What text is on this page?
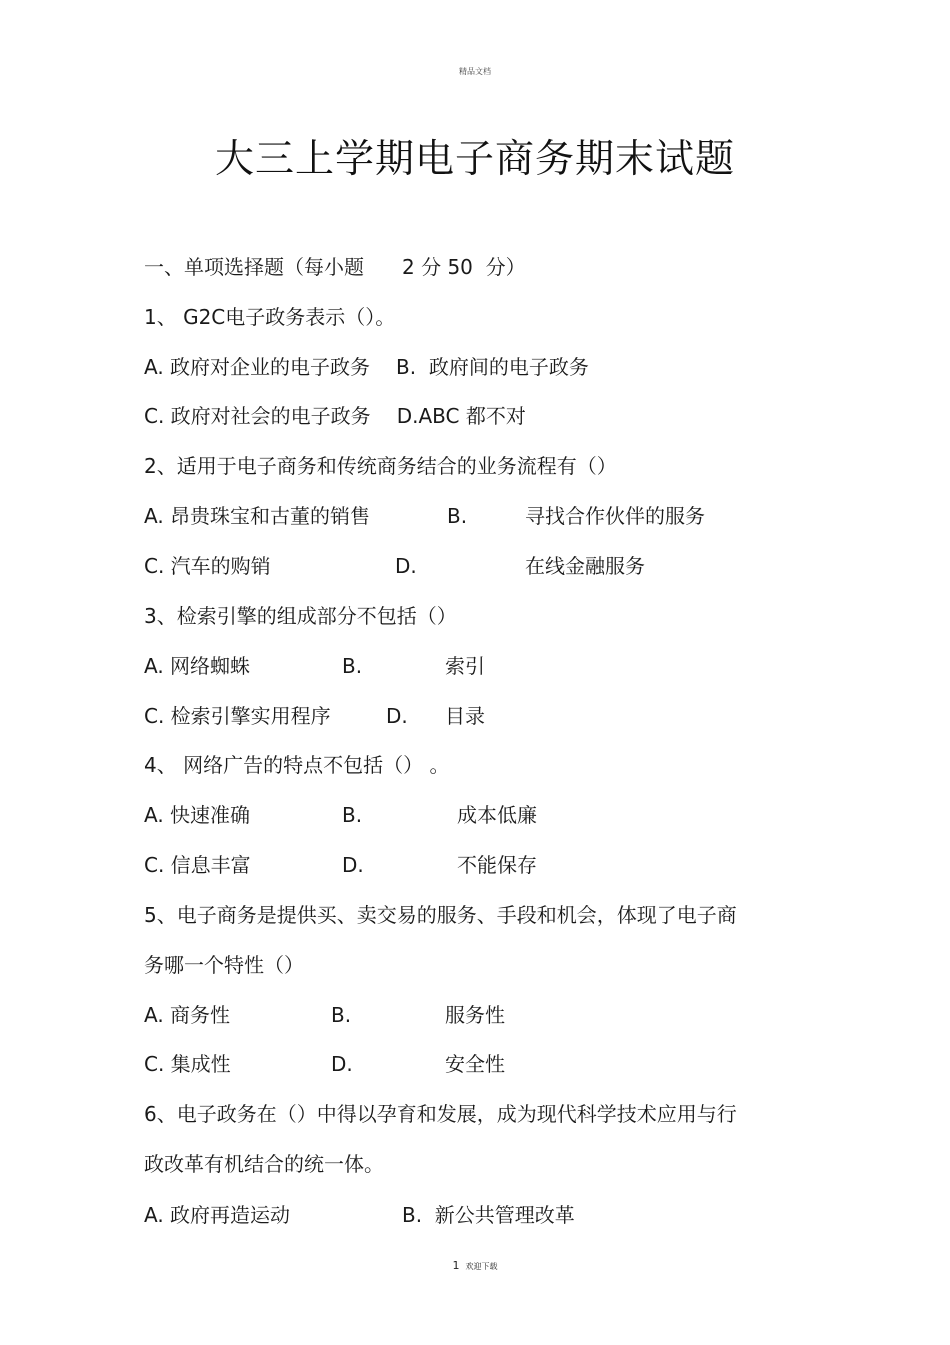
精品文档
大三上学期电子商务期末试题
一、单项选择题（每小题 2 分 50  分）
1、 G2C电子政务表示（）。
A. 政府对企业的电子政务 B.  政府间的电子政务
C. 政府对社会的电子政务 D.ABC 都不对
2、适用于电子商务和传统商务结合的业务流程有（）
A. 昂贵珠宝和古董的销售	B.	寻找合作伙伴的服务
C. 汽车的购销	D.	在线金融服务
3、检索引擎的组成部分不包括（）
A. 网络蜘蛛	B.	索引
C. 检索引擎实用程序	D. 目录
4、 网络广告的特点不包括（） 。
A. 快速准确	B.	成本低廉
C. 信息丰富	D.	不能保存
5、电子商务是提供买、卖交易的服务、手段和机会，体现了电子商
务哪一个特性（）
A. 商务性	B.	服务性
C. 集成性	D.	安全性
6、电子政务在（）中得以孕育和发展，成为现代科学技术应用与行
政改革有机结合的统一体。
A. 政府再造运动	B.  新公共管理改革
1 欢迎下载
